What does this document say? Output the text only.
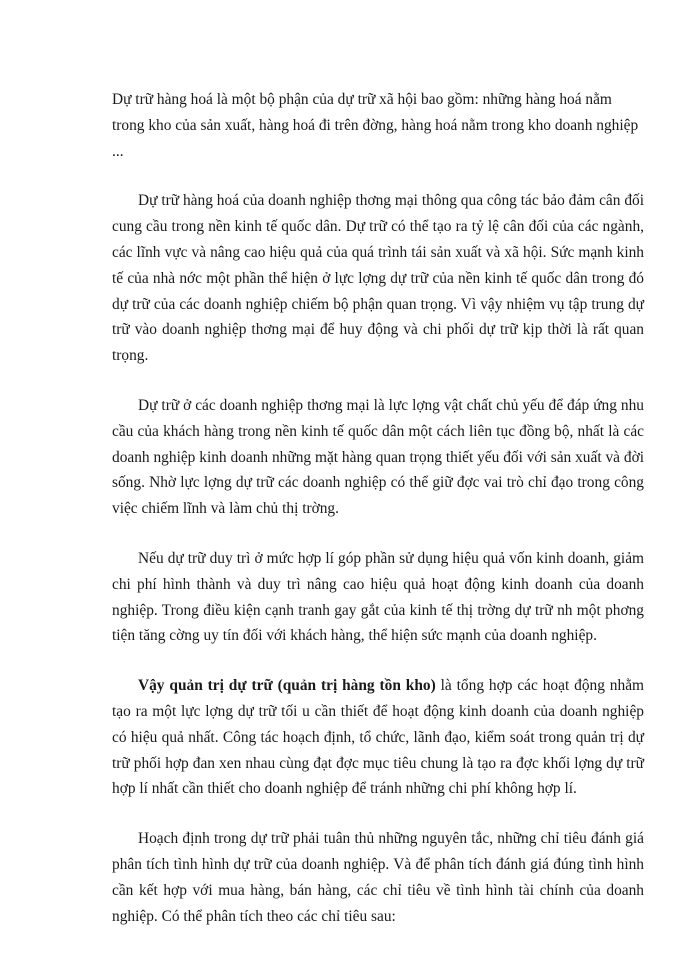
Dự trữ hàng hoá là một bộ phận của dự trữ xã hội bao gồm: những hàng hoá nằm trong kho của sản xuất, hàng hoá đi trên đờng, hàng hoá nằm trong kho doanh nghiệp ...

Dự trữ hàng hoá của doanh nghiệp thơng mại thông qua công tác bảo đảm cân đối cung cầu trong nền kinh tế quốc dân. Dự trữ có thể tạo ra tỷ lệ cân đối của các ngành, các lĩnh vực và nâng cao hiệu quả của quá trình tái sản xuất và xã hội. Sức mạnh kinh tế của nhà nớc một phần thể hiện ở lực lợng dự trữ của nền kinh tế quốc dân trong đó dự trữ của các doanh nghiệp chiếm bộ phận quan trọng. Vì vậy nhiệm vụ tập trung dự trữ vào doanh nghiệp thơng mại để huy động và chi phối dự trữ kịp thời là rất quan trọng.

Dự trữ ở các doanh nghiệp thơng mại là lực lợng vật chất chủ yếu để đáp ứng nhu cầu của khách hàng trong nền kinh tế quốc dân một cách liên tục đồng bộ, nhất là các doanh nghiệp kinh doanh những mặt hàng quan trọng thiết yếu đối với sản xuất và đời sống. Nhờ lực lợng dự trữ các doanh nghiệp có thể giữ đợc vai trò chỉ đạo trong công việc chiếm lĩnh và làm chủ thị trờng.

Nếu dự trữ duy trì ở mức hợp lí góp phần sử dụng hiệu quả vốn kinh doanh, giảm chi phí hình thành và duy trì nâng cao hiệu quả hoạt động kinh doanh của doanh nghiệp. Trong điều kiện cạnh tranh gay gắt của kinh tế thị trờng dự trữ nh một phơng tiện tăng cờng uy tín đối với khách hàng, thể hiện sức mạnh của doanh nghiệp.

Vậy quản trị dự trữ (quản trị hàng tồn kho) là tổng hợp các hoạt động nhằm tạo ra một lực lợng dự trữ tối u cần thiết để hoạt động kinh doanh của doanh nghiệp có hiệu quả nhất. Công tác hoạch định, tổ chức, lãnh đạo, kiểm soát trong quản trị dự trữ phối hợp đan xen nhau cùng đạt đợc mục tiêu chung là tạo ra đợc khối lợng dự trữ hợp lí nhất cần thiết cho doanh nghiệp để tránh những chi phí không hợp lí.

Hoạch định trong dự trữ phải tuân thủ những nguyên tắc, những chỉ tiêu đánh giá phân tích tình hình dự trữ của doanh nghiệp. Và để phân tích đánh giá đúng tình hình cần kết hợp với mua hàng, bán hàng, các chỉ tiêu về tình hình tài chính của doanh nghiệp. Có thể phân tích theo các chỉ tiêu sau:
